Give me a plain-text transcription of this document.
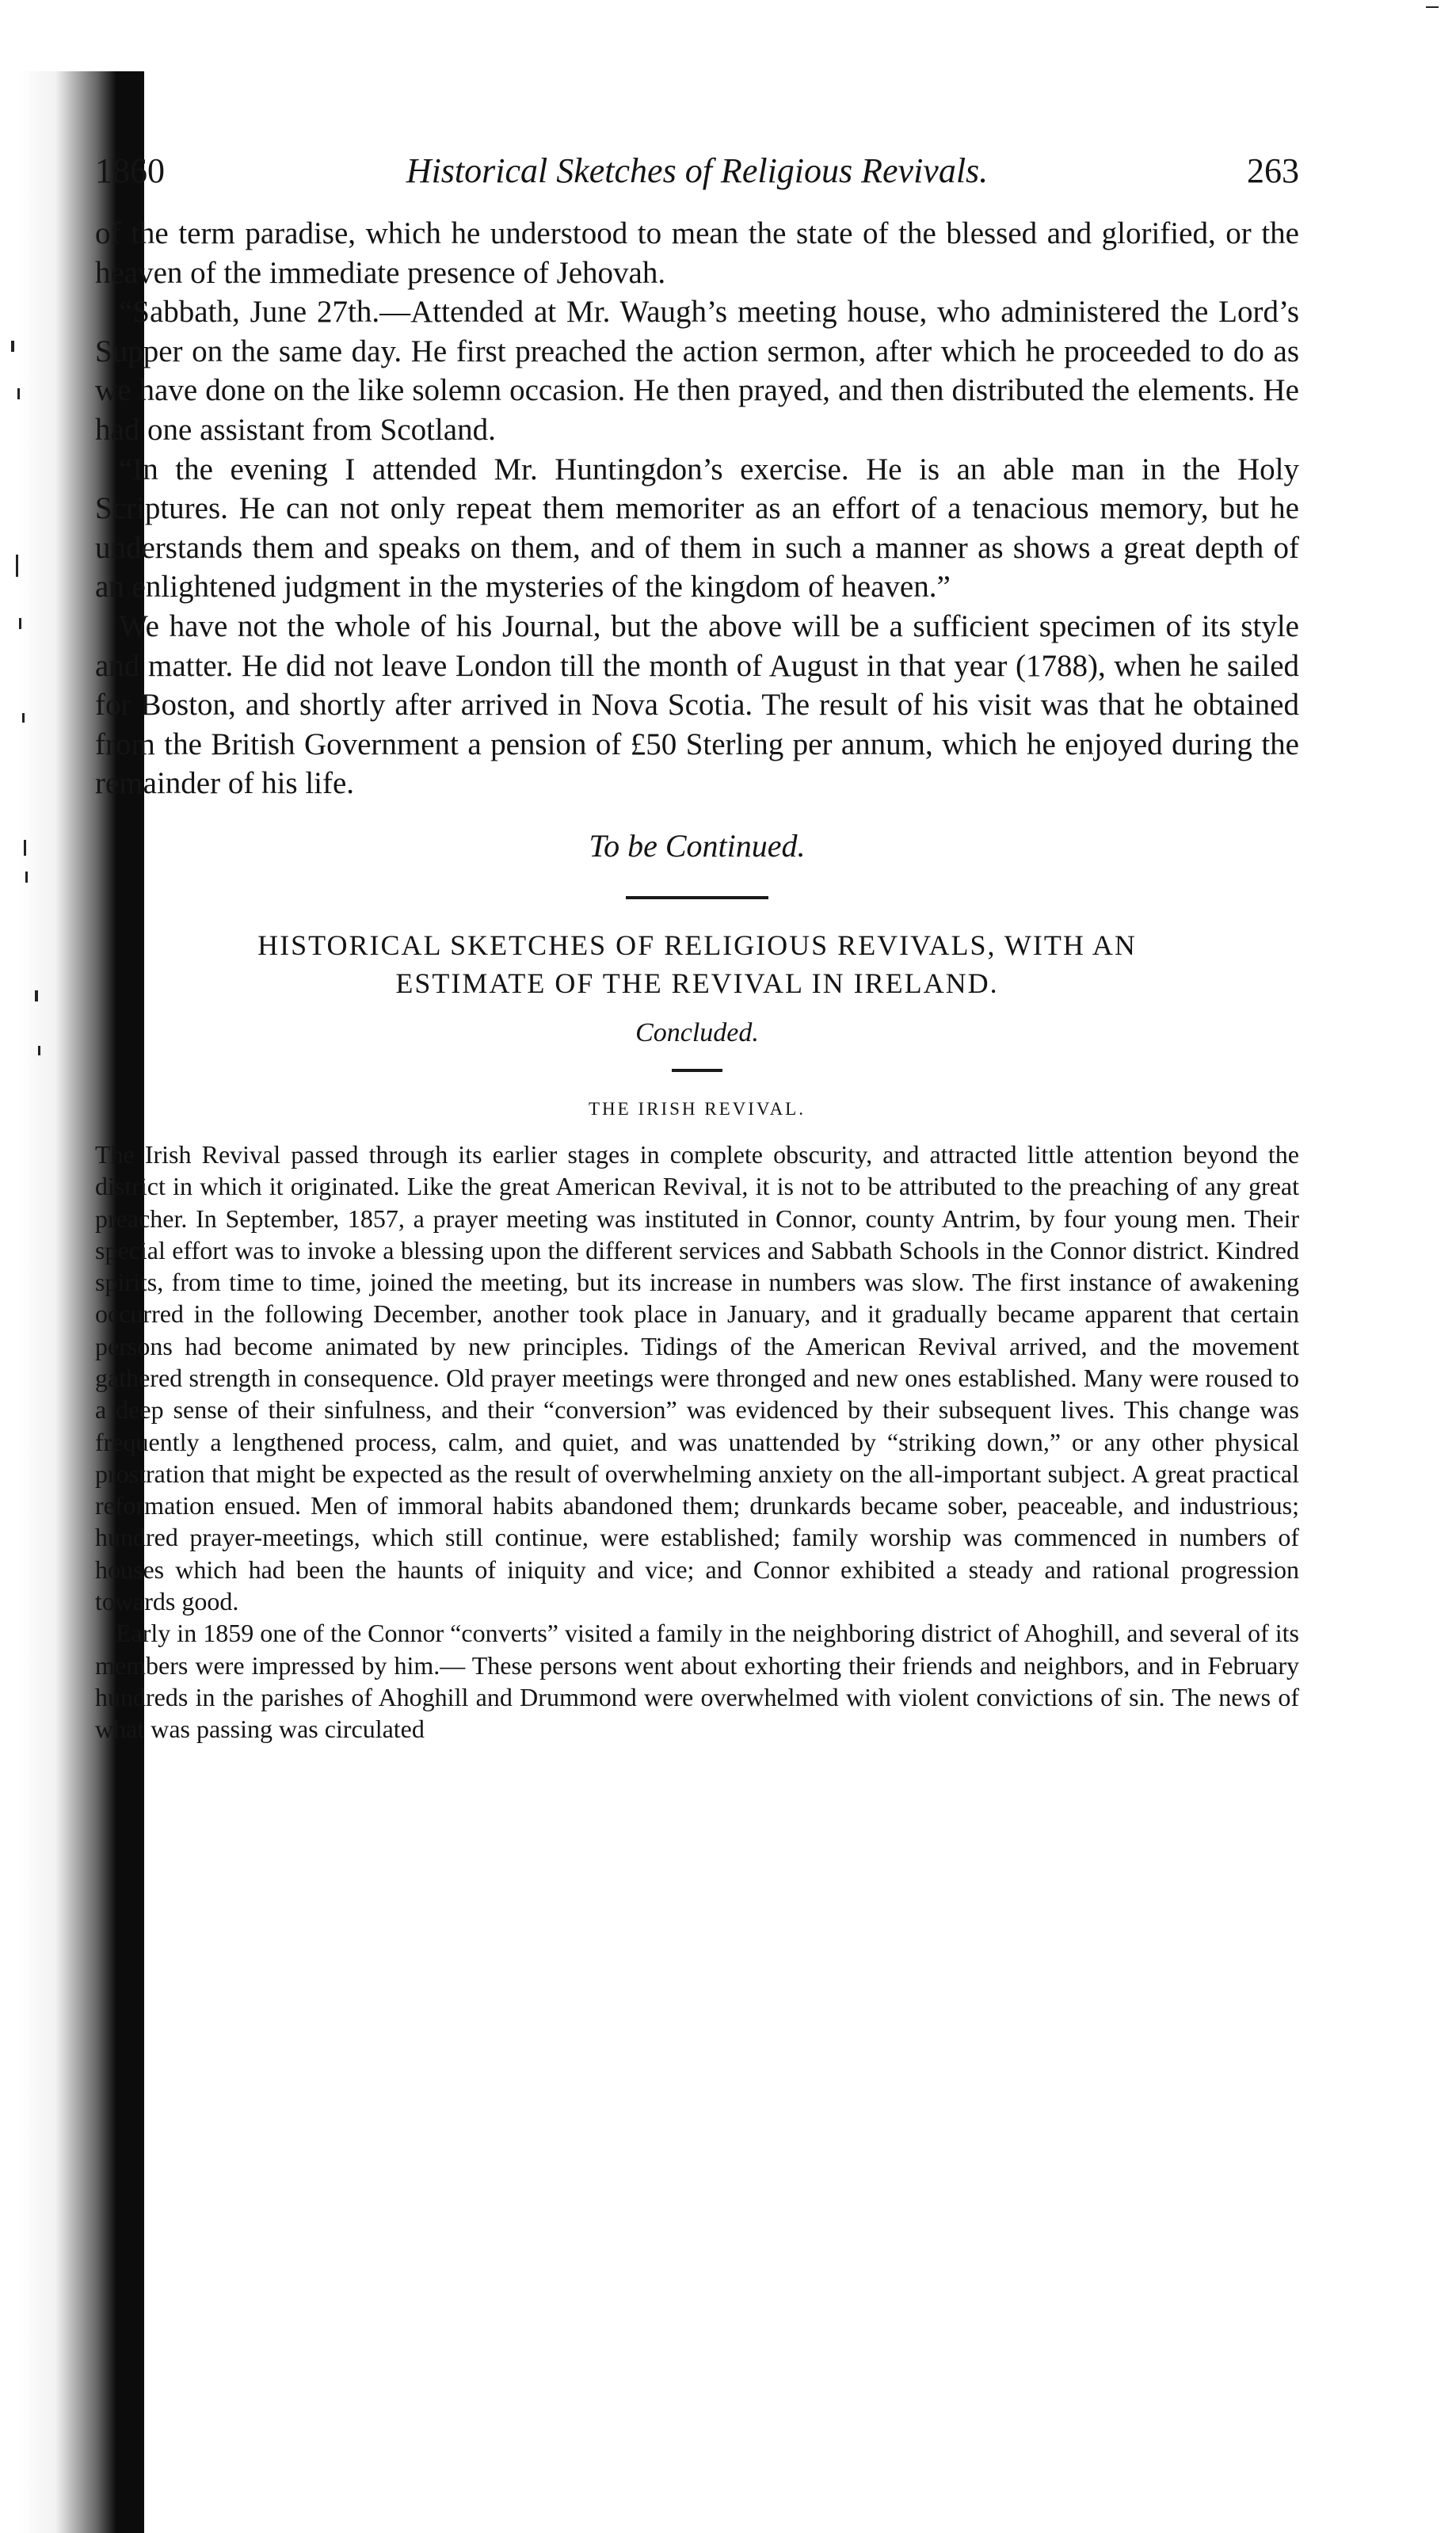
1860	Historical Sketches of Religious Revivals.	263

of the term paradise, which he understood to mean the state of the blessed and glorified, or the heaven of the immediate presence of Jehovah.

“Sabbath, June 27th.—Attended at Mr. Waugh’s meeting house, who administered the Lord’s Supper on the same day. He first preached the action sermon, after which he proceeded to do as we have done on the like solemn occasion. He then prayed, and then distributed the elements. He had one assistant from Scotland.

“In the evening I attended Mr. Huntingdon’s exercise. He is an able man in the Holy Scriptures. He can not only repeat them memoriter as an effort of a tenacious memory, but he understands them and speaks on them, and of them in such a manner as shows a great depth of an enlightened judgment in the mysteries of the kingdom of heaven.”

We have not the whole of his Journal, but the above will be a sufficient specimen of its style and matter. He did not leave London till the month of August in that year (1788), when he sailed for Boston, and shortly after arrived in Nova Scotia. The result of his visit was that he obtained from the British Government a pension of £50 Sterling per annum, which he enjoyed during the remainder of his life.

To be Continued.
HISTORICAL SKETCHES OF RELIGIOUS REVIVALS, WITH AN
ESTIMATE OF THE REVIVAL IN IRELAND.
Concluded.
THE IRISH REVIVAL.

The Irish Revival passed through its earlier stages in complete obscurity, and attracted little attention beyond the district in which it originated. Like the great American Revival, it is not to be attributed to the preaching of any great preacher. In September, 1857, a prayer meeting was instituted in Connor, county Antrim, by four young men. Their special effort was to invoke a blessing upon the different services and Sabbath Schools in the Connor district. Kindred spirits, from time to time, joined the meeting, but its increase in numbers was slow. The first instance of awakening occurred in the following December, another took place in January, and it gradually became apparent that certain persons had become animated by new principles. Tidings of the American Revival arrived, and the movement gathered strength in consequence. Old prayer meetings were thronged and new ones established. Many were roused to a deep sense of their sinfulness, and their “conversion” was evidenced by their subsequent lives. This change was frequently a lengthened process, calm, and quiet, and was unattended by “striking down,” or any other physical prostration that might be expected as the result of overwhelming anxiety on the all-important subject. A great practical reformation ensued. Men of immoral habits abandoned them; drunkards became sober, peaceable, and industrious; hundred prayer-meetings, which still continue, were established; family worship was commenced in numbers of houses which had been the haunts of iniquity and vice; and Connor exhibited a steady and rational progression towards good.

Early in 1859 one of the Connor “converts” visited a family in the neighboring district of Ahoghill, and several of its members were impressed by him.— These persons went about exhorting their friends and neighbors, and in February hundreds in the parishes of Ahoghill and Drummond were overwhelmed with violent convictions of sin. The news of what was passing was circulated
